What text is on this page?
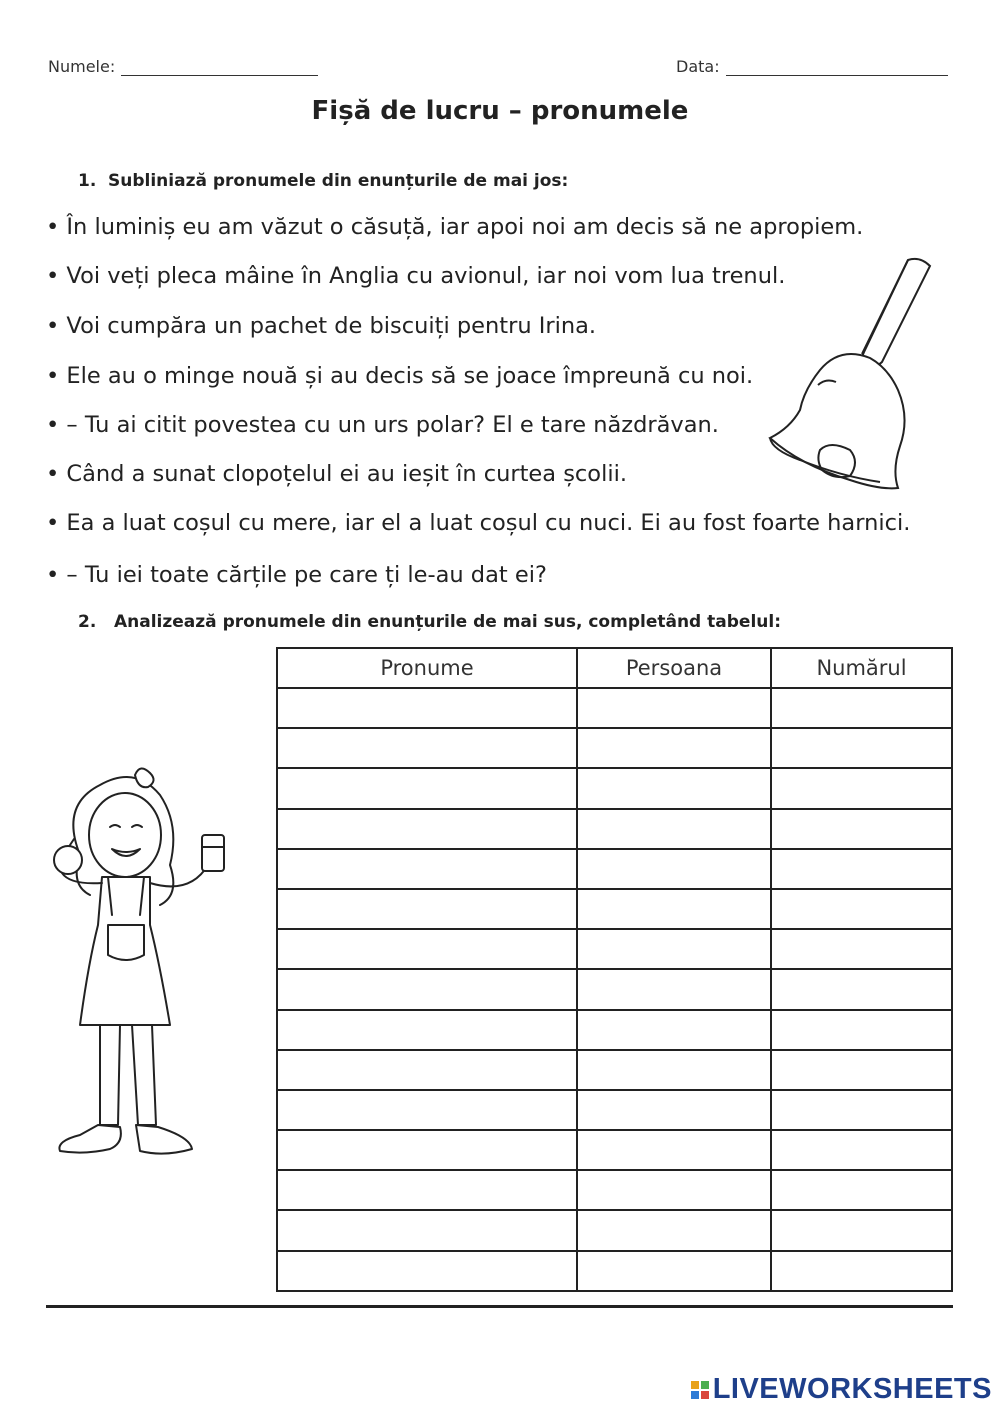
Numele:	Data:
Fișă de lucru – pronumele
1. Subliniază pronumele din enunțurile de mai jos:
• În luminiș eu am văzut o căsuță, iar apoi noi am decis să ne apropiem.
• Voi veți pleca mâine în Anglia cu avionul, iar noi vom lua trenul.
• Voi cumpăra un pachet de biscuiți pentru Irina.
• Ele au o minge nouă și au decis să se joace împreună cu noi.
• – Tu ai citit povestea cu un urs polar? El e tare năzdrăvan.
• Când a sunat clopoțelul ei au ieșit în curtea școlii.
• Ea a luat coșul cu mere, iar el a luat coșul cu nuci. Ei au fost foarte harnici.
• – Tu iei toate cărțile pe care ți le-au dat ei?
2. Analizează pronumele din enunțurile de mai sus, completând tabelul:
Pronume	Persoana	Numărul

LIVEWORKSHEETS
